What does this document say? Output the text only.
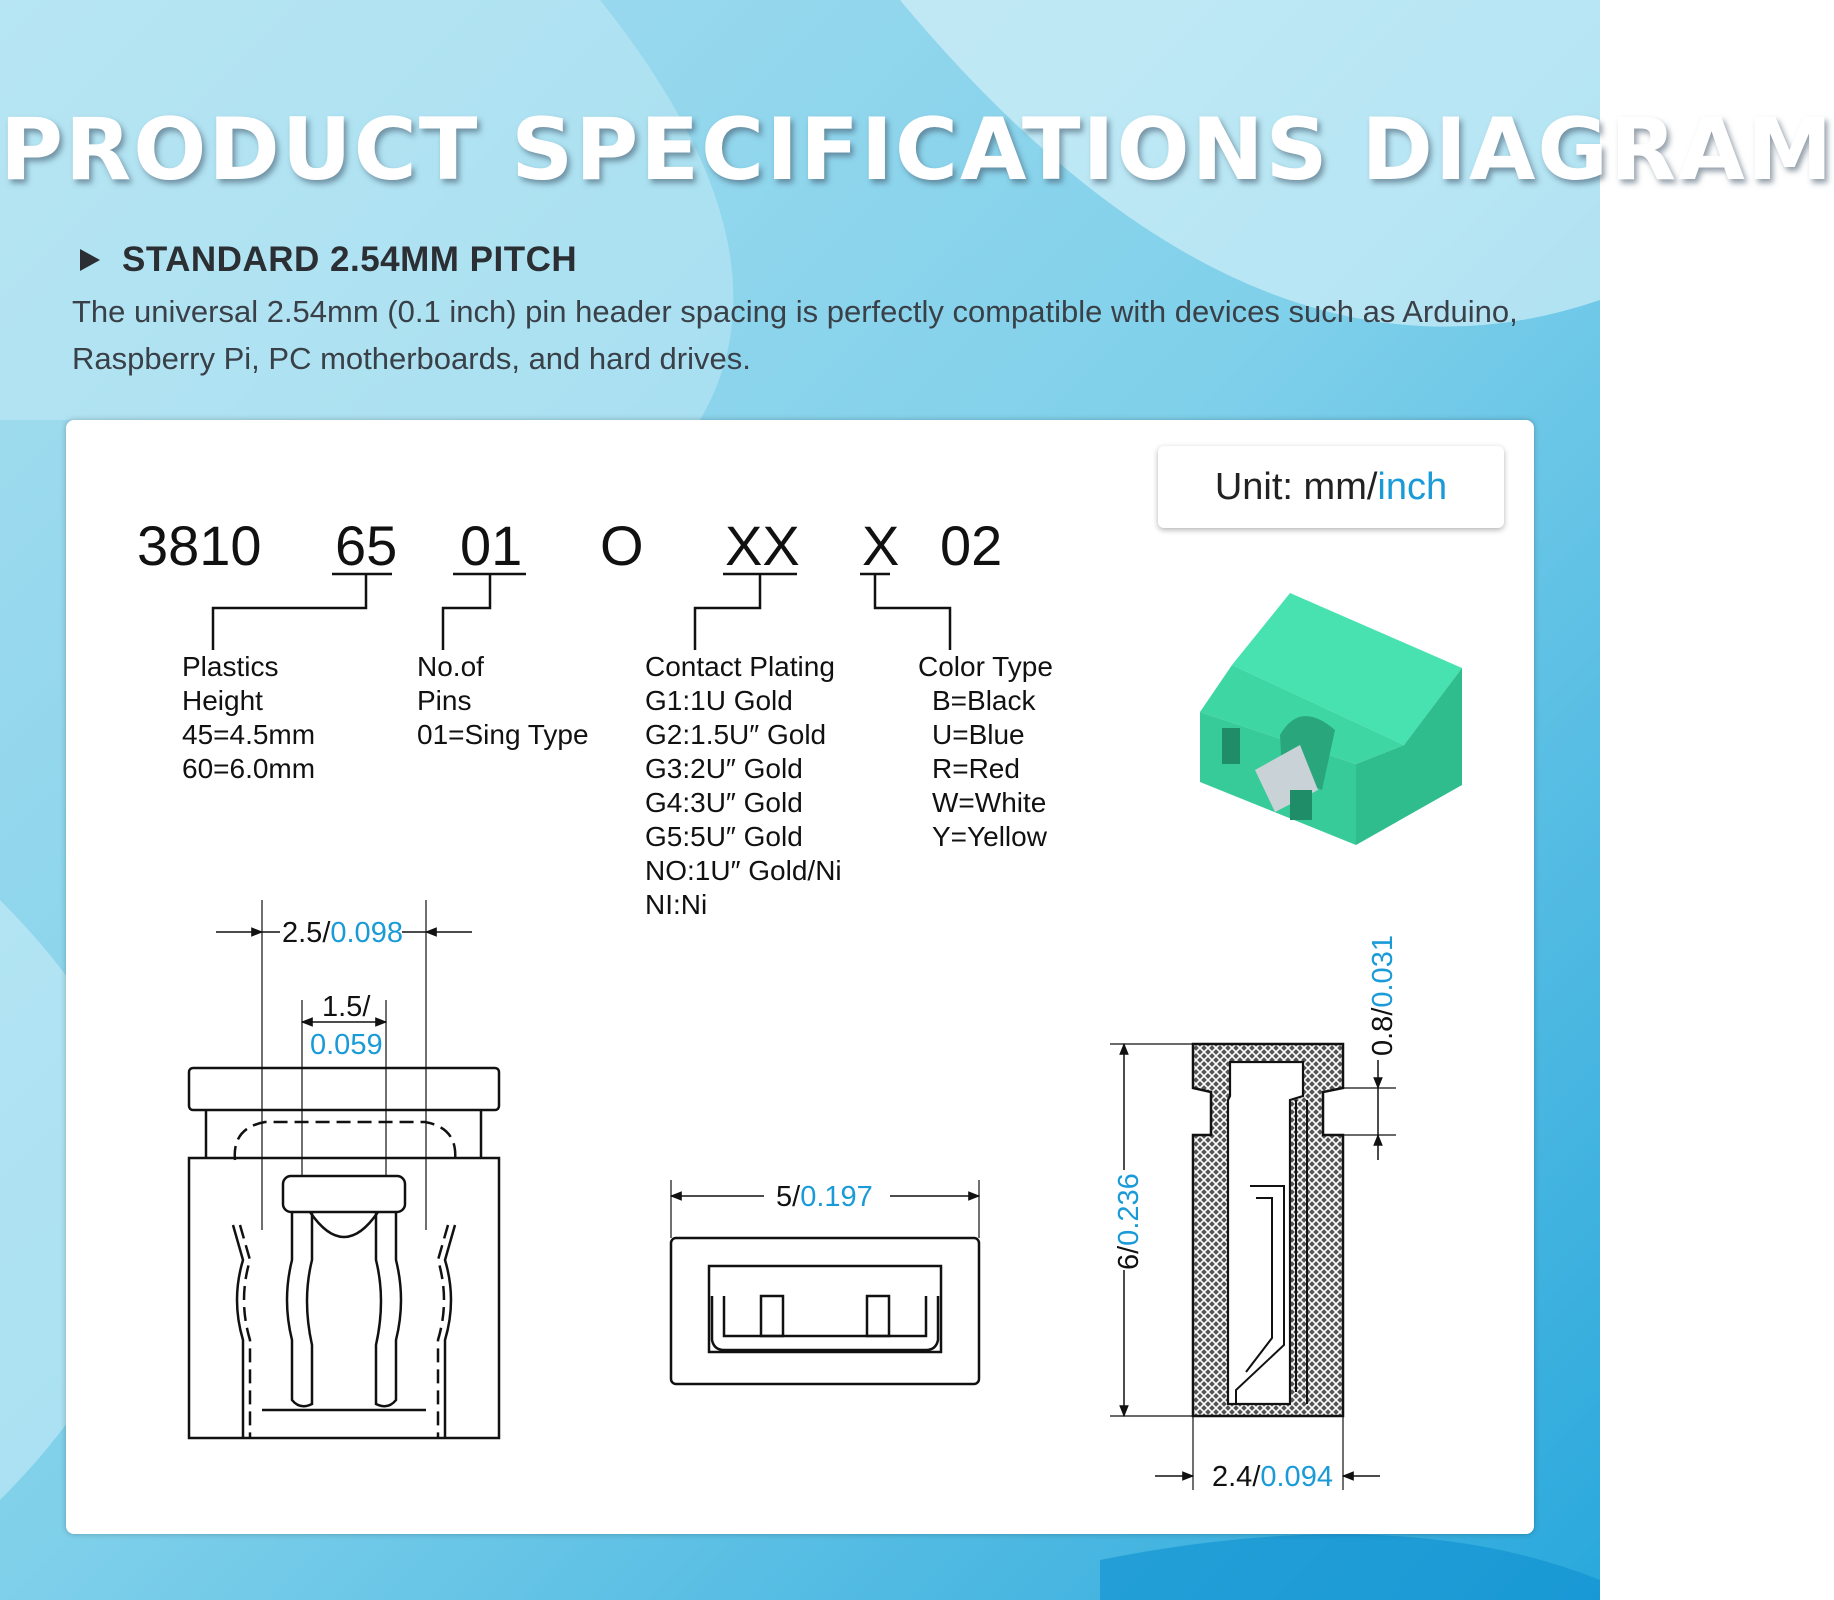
PRODUCT SPECIFICATIONS DIAGRAM
STANDARD 2.54MM PITCH

The universal 2.54mm (0.1 inch) pin header spacing is perfectly compatible with devices such as Arduino, Raspberry Pi, PC motherboards, and hard drives.

Unit: mm/ inch
3810 65 01 O XX X 02
Plastics
Height
45=4.5mm
60=6.0mm
No.of
Pins
01=Sing Type
Contact Plating
G1:1U Gold
G2:1.5U″ Gold
G3:2U″ Gold
G4:3U″ Gold
G5:5U″ Gold
NO:1U″ Gold/Ni
NI:Ni
Color Type
B=Black
U=Blue
R=Red
W=White
Y=Yellow
2.5/0.098
1.5/
0.059
5/0.197
6/0.236
2.4/0.094
0.8/0.031
